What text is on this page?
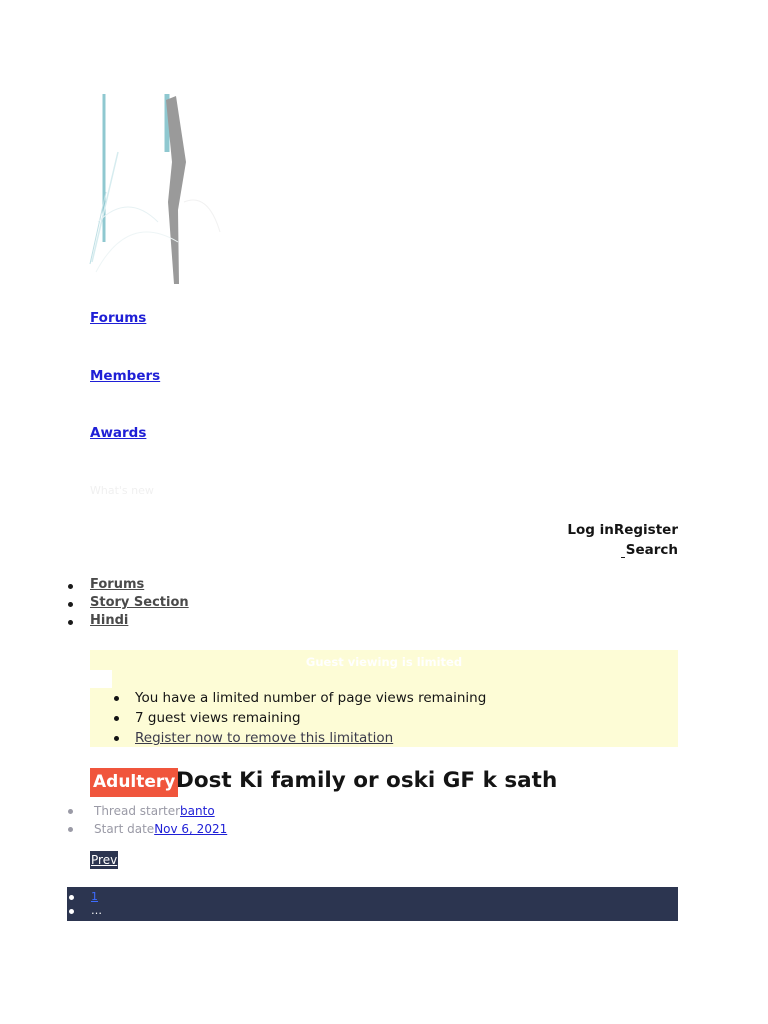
Forums
Members
Awards
What's new
Log inRegister
Search
Forums
Story Section
Hindi
Guest viewing is limited
You have a limited number of page views remaining
7 guest views remaining
Register now to remove this limitation
Adultery Dost Ki family or oski GF k sath
Thread starterbanto
Start dateNov 6, 2021
Prev
1
…
